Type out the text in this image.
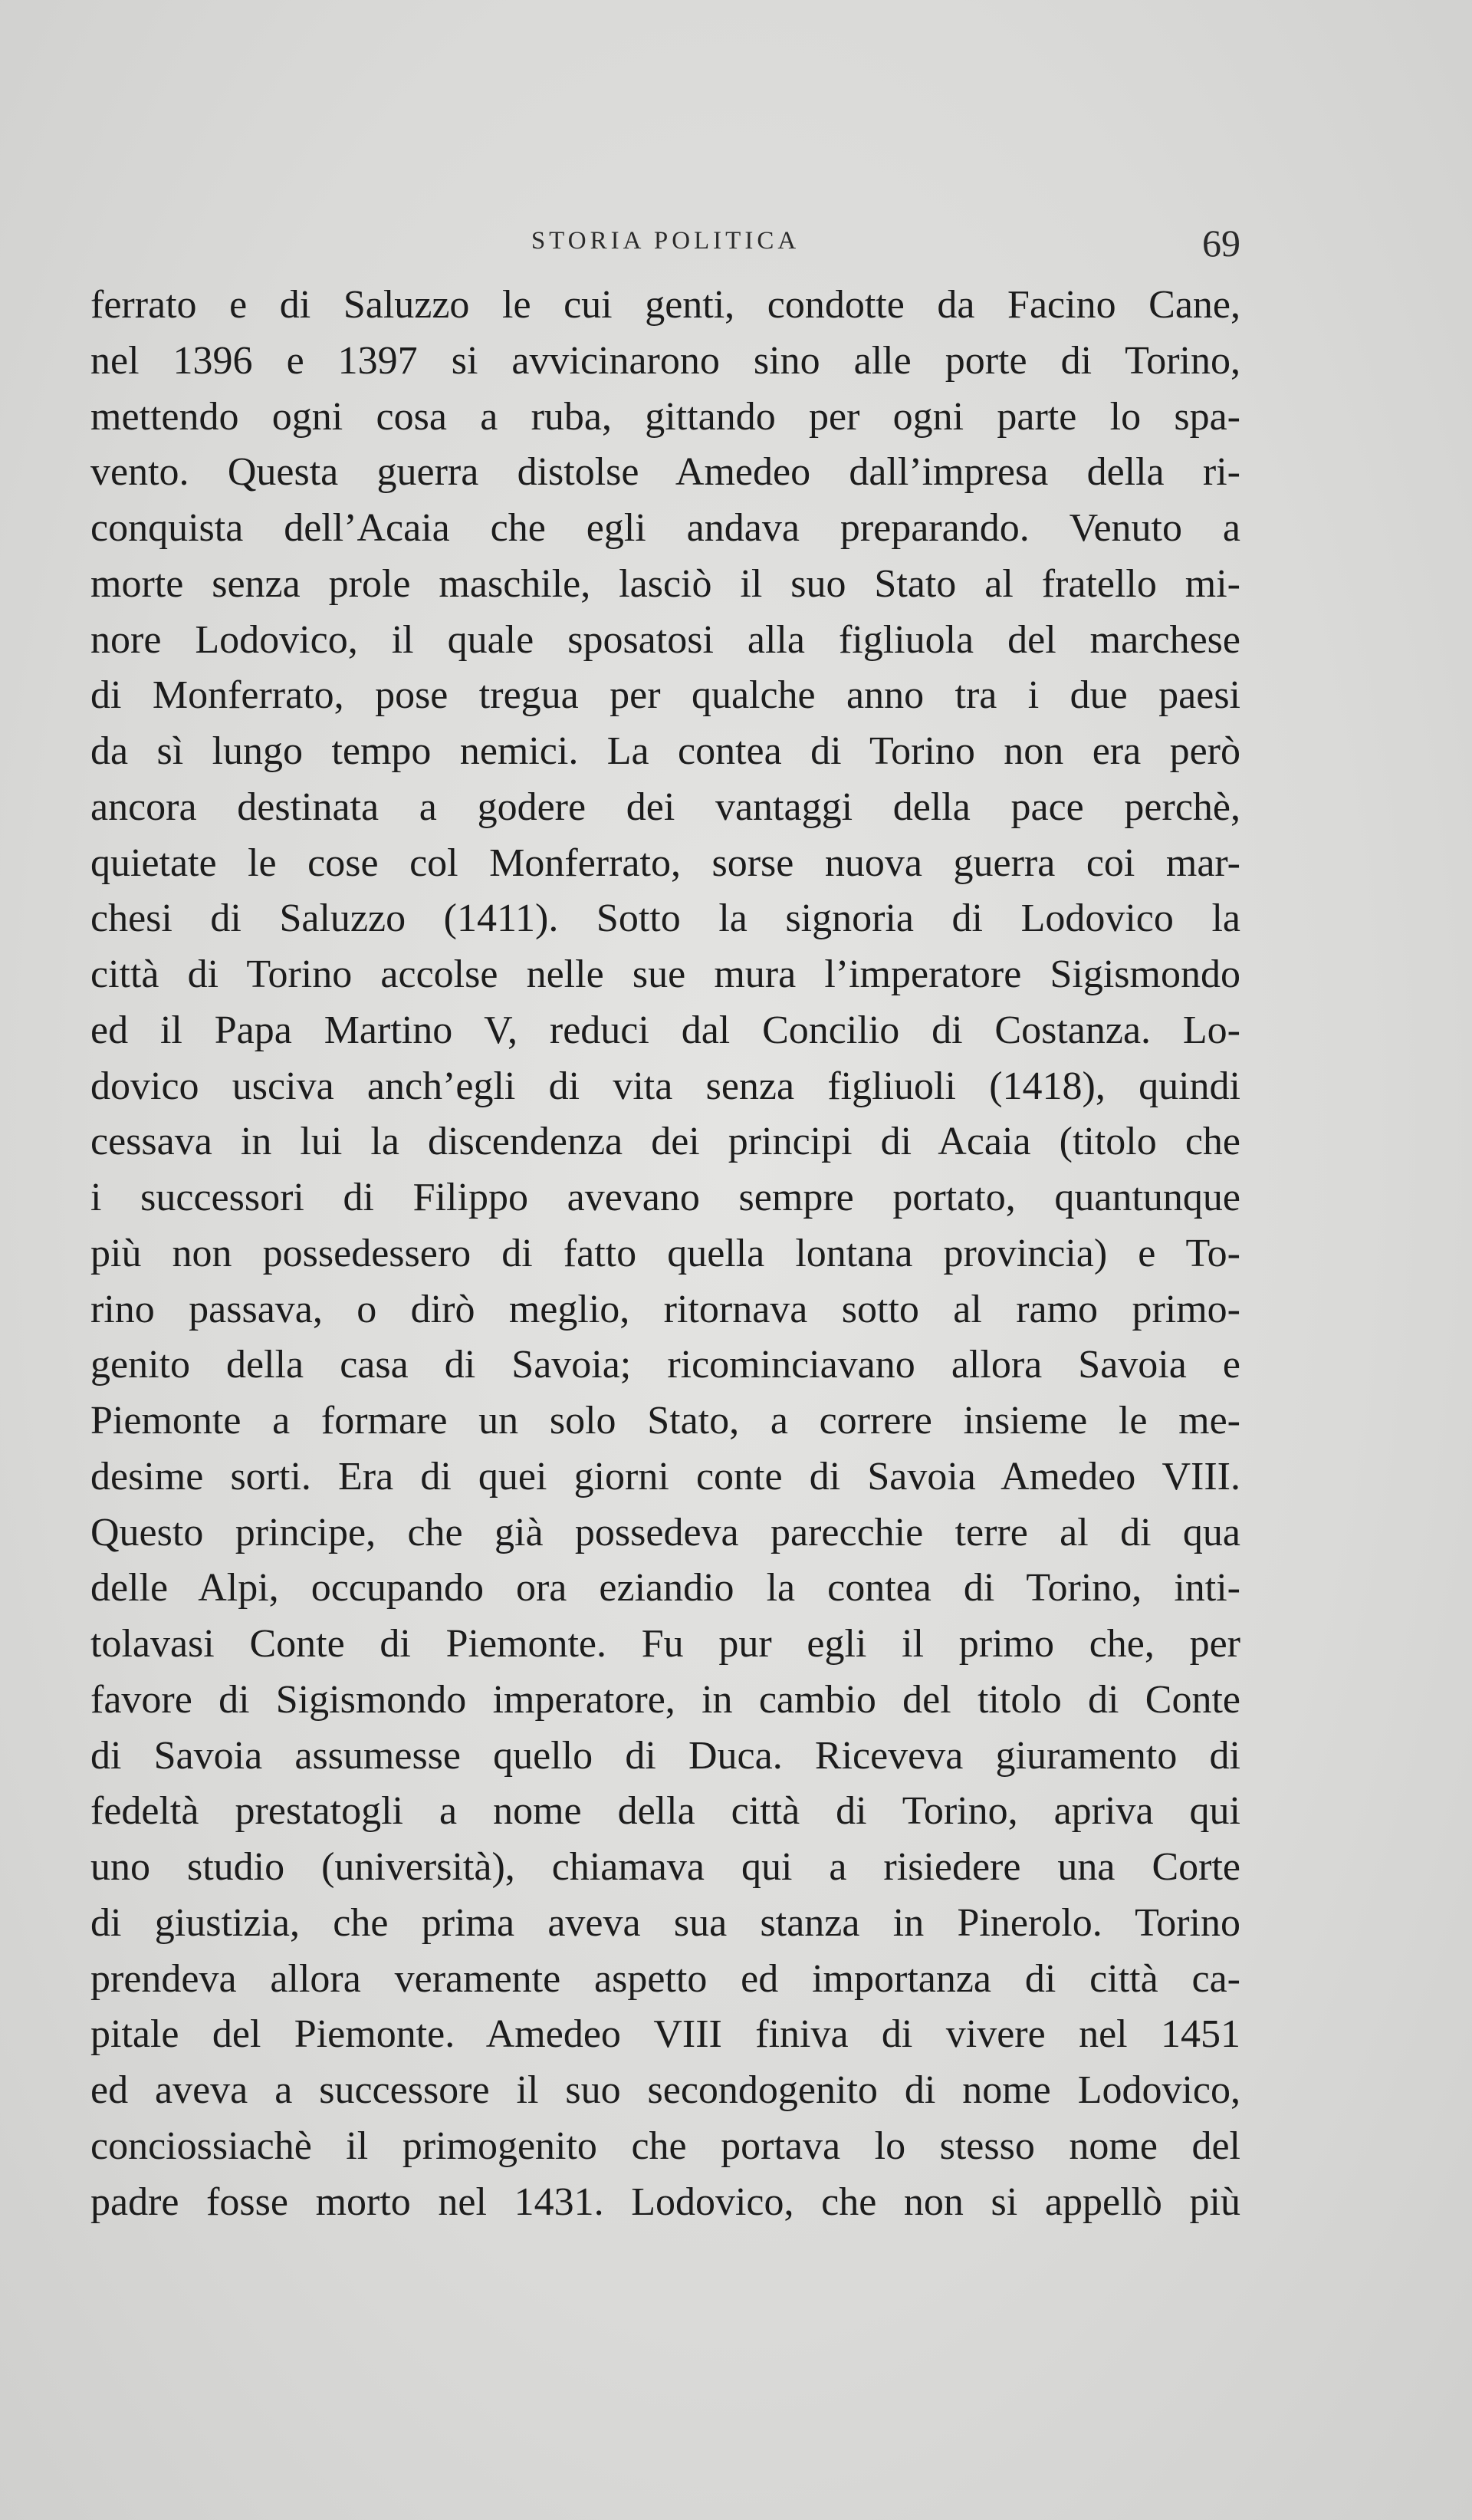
STORIA POLITICA	69
ferrato e di Saluzzo le cui genti, condotte da Facino Cane,
nel 1396 e 1397 si avvicinarono sino alle porte di Torino,
mettendo ogni cosa a ruba, gittando per ogni parte lo spa-
vento. Questa guerra distolse Amedeo dall’impresa della ri-
conquista dell’Acaia che egli andava preparando. Venuto a
morte senza prole maschile, lasciò il suo Stato al fratello mi-
nore Lodovico, il quale sposatosi alla figliuola del marchese
di Monferrato, pose tregua per qualche anno tra i due paesi
da sì lungo tempo nemici. La contea di Torino non era però
ancora destinata a godere dei vantaggi della pace perchè,
quietate le cose col Monferrato, sorse nuova guerra coi mar-
chesi di Saluzzo (1411). Sotto la signoria di Lodovico la
città di Torino accolse nelle sue mura l’imperatore Sigismondo
ed il Papa Martino V, reduci dal Concilio di Costanza. Lo-
dovico usciva anch’egli di vita senza figliuoli (1418), quindi
cessava in lui la discendenza dei principi di Acaia (titolo che
i successori di Filippo avevano sempre portato, quantunque
più non possedessero di fatto quella lontana provincia) e To-
rino passava, o dirò meglio, ritornava sotto al ramo primo-
genito della casa di Savoia; ricominciavano allora Savoia e
Piemonte a formare un solo Stato, a correre insieme le me-
desime sorti. Era di quei giorni conte di Savoia Amedeo VIII.
Questo principe, che già possedeva parecchie terre al di qua
delle Alpi, occupando ora eziandio la contea di Torino, inti-
tolavasi Conte di Piemonte. Fu pur egli il primo che, per
favore di Sigismondo imperatore, in cambio del titolo di Conte
di Savoia assumesse quello di Duca. Riceveva giuramento di
fedeltà prestatogli a nome della città di Torino, apriva qui
uno studio (università), chiamava qui a risiedere una Corte
di giustizia, che prima aveva sua stanza in Pinerolo. Torino
prendeva allora veramente aspetto ed importanza di città ca-
pitale del Piemonte. Amedeo VIII finiva di vivere nel 1451
ed aveva a successore il suo secondogenito di nome Lodovico,
conciossiachè il primogenito che portava lo stesso nome del
padre fosse morto nel 1431. Lodovico, che non si appellò più
